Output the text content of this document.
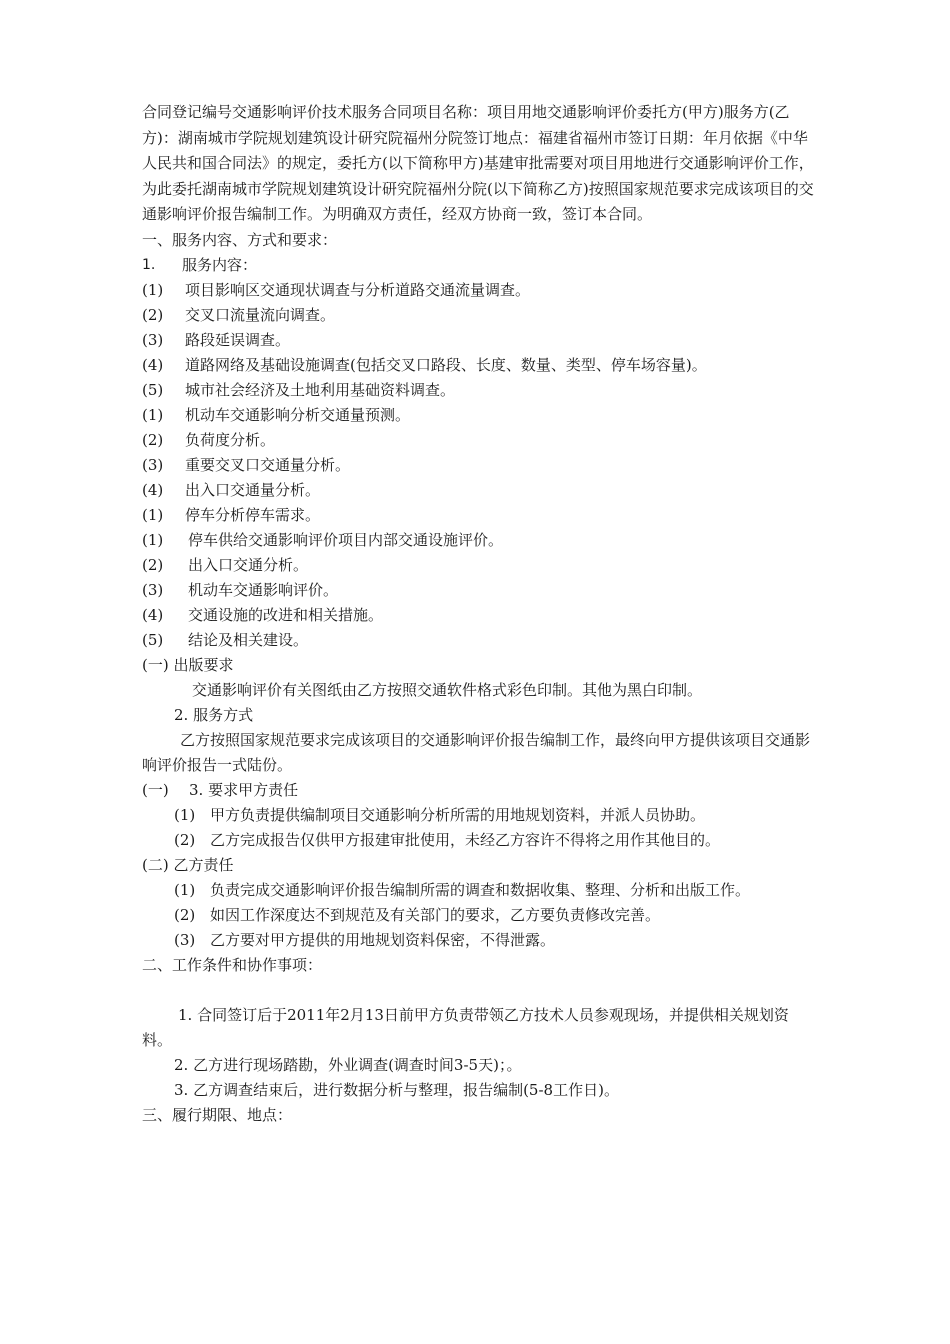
合同登记编号交通影响评价技术服务合同项目名称：项目用地交通影响评价委托方(甲方)服务方(乙方)：湖南城市学院规划建筑设计研究院福州分院签订地点：福建省福州市签订日期：年月依据《中华人民共和国合同法》的规定，委托方(以下简称甲方)基建审批需要对项目用地进行交通影响评价工作，为此委托湖南城市学院规划建筑设计研究院福州分院(以下简称乙方)按照国家规范要求完成该项目的交通影响评价报告编制工作。为明确双方责任，经双方协商一致，签订本合同。
一、服务内容、方式和要求：
1.	服务内容：
(1)	项目影响区交通现状调查与分析道路交通流量调查。
(2)	交叉口流量流向调查。
(3)	路段延误调查。
(4)	道路网络及基础设施调查(包括交叉口路段、长度、数量、类型、停车场容量)。
(5)	城市社会经济及土地利用基础资料调查。
(1)	机动车交通影响分析交通量预测。
(2)	负荷度分析。
(3)	重要交叉口交通量分析。
(4)	出入口交通量分析。
(1)	停车分析停车需求。
(1)	停车供给交通影响评价项目内部交通设施评价。
(2)	出入口交通分析。
(3)	机动车交通影响评价。
(4)	交通设施的改进和相关措施。
(5)	结论及相关建设。
(一) 出版要求
交通影响评价有关图纸由乙方按照交通软件格式彩色印制。其他为黑白印制。
2. 服务方式
乙方按照国家规范要求完成该项目的交通影响评价报告编制工作，最终向甲方提供该项目交通影响评价报告一式陆份。
(一)	3. 要求甲方责任
(1) 甲方负责提供编制项目交通影响分析所需的用地规划资料，并派人员协助。
(2) 乙方完成报告仅供甲方报建审批使用，未经乙方容许不得将之用作其他目的。
(二) 乙方责任
(1) 负责完成交通影响评价报告编制所需的调查和数据收集、整理、分析和出版工作。
(2) 如因工作深度达不到规范及有关部门的要求，乙方要负责修改完善。
(3) 乙方要对甲方提供的用地规划资料保密，不得泄露。
二、工作条件和协作事项：
1. 合同签订后于2011年2月13日前甲方负责带领乙方技术人员参观现场，并提供相关规划资料。
2. 乙方进行现场踏勘，外业调查(调查时间3-5天)；。
3. 乙方调查结束后，进行数据分析与整理，报告编制(5-8工作日)。
三、履行期限、地点：
